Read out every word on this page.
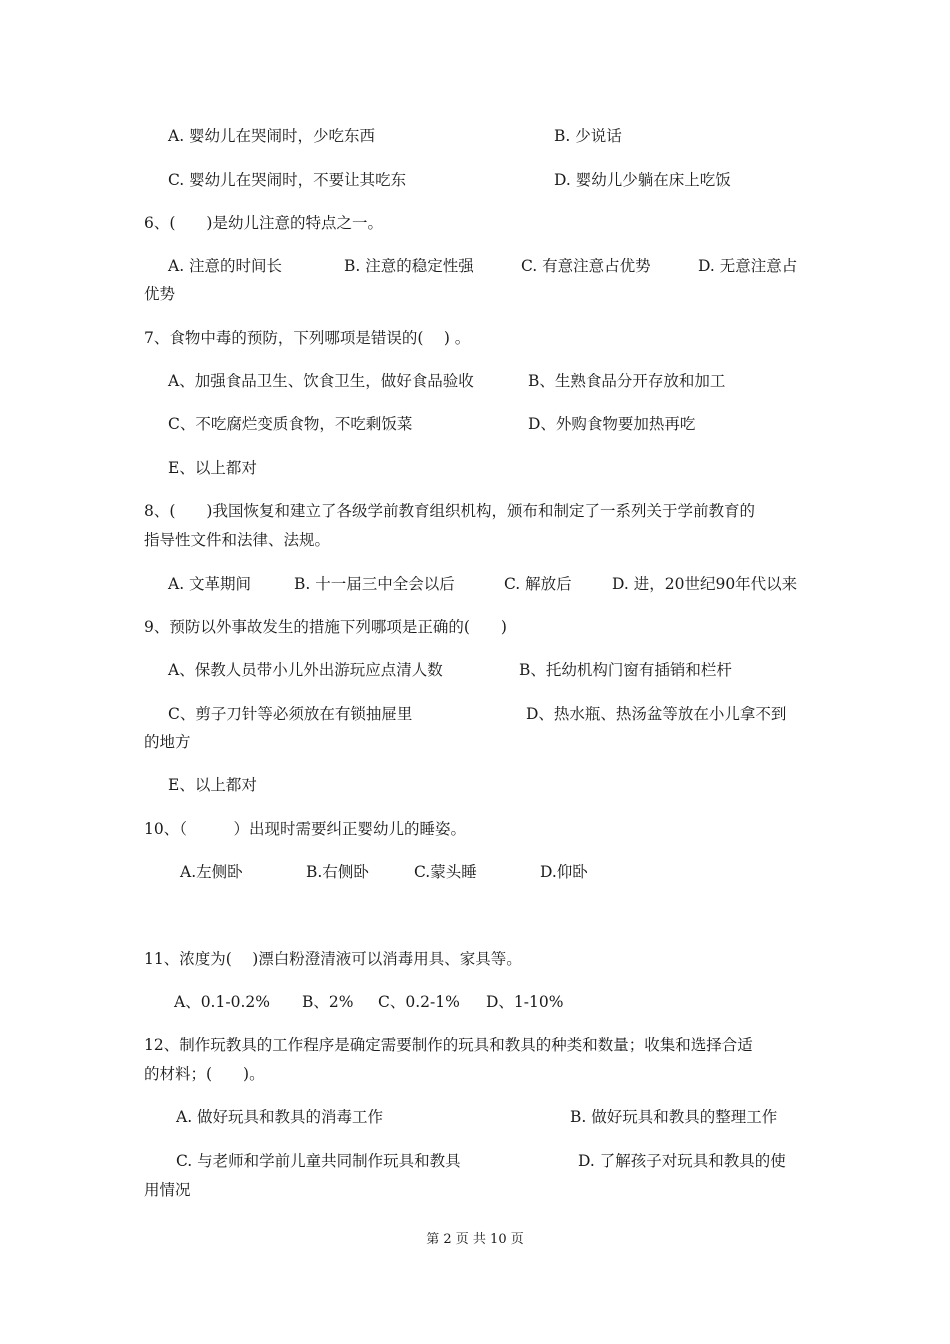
A. 婴幼儿在哭闹时，少吃东西	B. 少说话
C. 婴幼儿在哭闹时，不要让其吃东	D. 婴幼儿少躺在床上吃饭
6、(　　)是幼儿注意的特点之一。
A. 注意的时间长	B. 注意的稳定性强	C. 有意注意占优势	D. 无意注意占
优势
7、食物中毒的预防，下列哪项是错误的(　 ) 。
A、加强食品卫生、饮食卫生，做好食品验收	B、生熟食品分开存放和加工
C、不吃腐烂变质食物，不吃剩饭菜	D、外购食物要加热再吃
E、以上都对
8、(　　)我国恢复和建立了各级学前教育组织机构，颁布和制定了一系列关于学前教育的
指导性文件和法律、法规。
A. 文革期间	B. 十一届三中全会以后	C. 解放后	D. 进，20世纪90年代以来
9、预防以外事故发生的措施下列哪项是正确的(　　)
A、保教人员带小儿外出游玩应点清人数	B、托幼机构门窗有插销和栏杆
C、剪子刀针等必须放在有锁抽屉里	D、热水瓶、热汤盆等放在小儿拿不到
的地方
E、以上都对
10、（　　　）出现时需要纠正婴幼儿的睡姿。
A.左侧卧	B.右侧卧	C.蒙头睡	D.仰卧
11、浓度为(　 )漂白粉澄清液可以消毒用具、家具等。
A、0.1-0.2% B、2% C、0.2-1% D、1-10%
12、制作玩教具的工作程序是确定需要制作的玩具和教具的种类和数量；收集和选择合适
的材料；(　　)。
A. 做好玩具和教具的消毒工作	B. 做好玩具和教具的整理工作
C. 与老师和学前儿童共同制作玩具和教具	D. 了解孩子对玩具和教具的使
用情况
第 2 页 共 10 页
